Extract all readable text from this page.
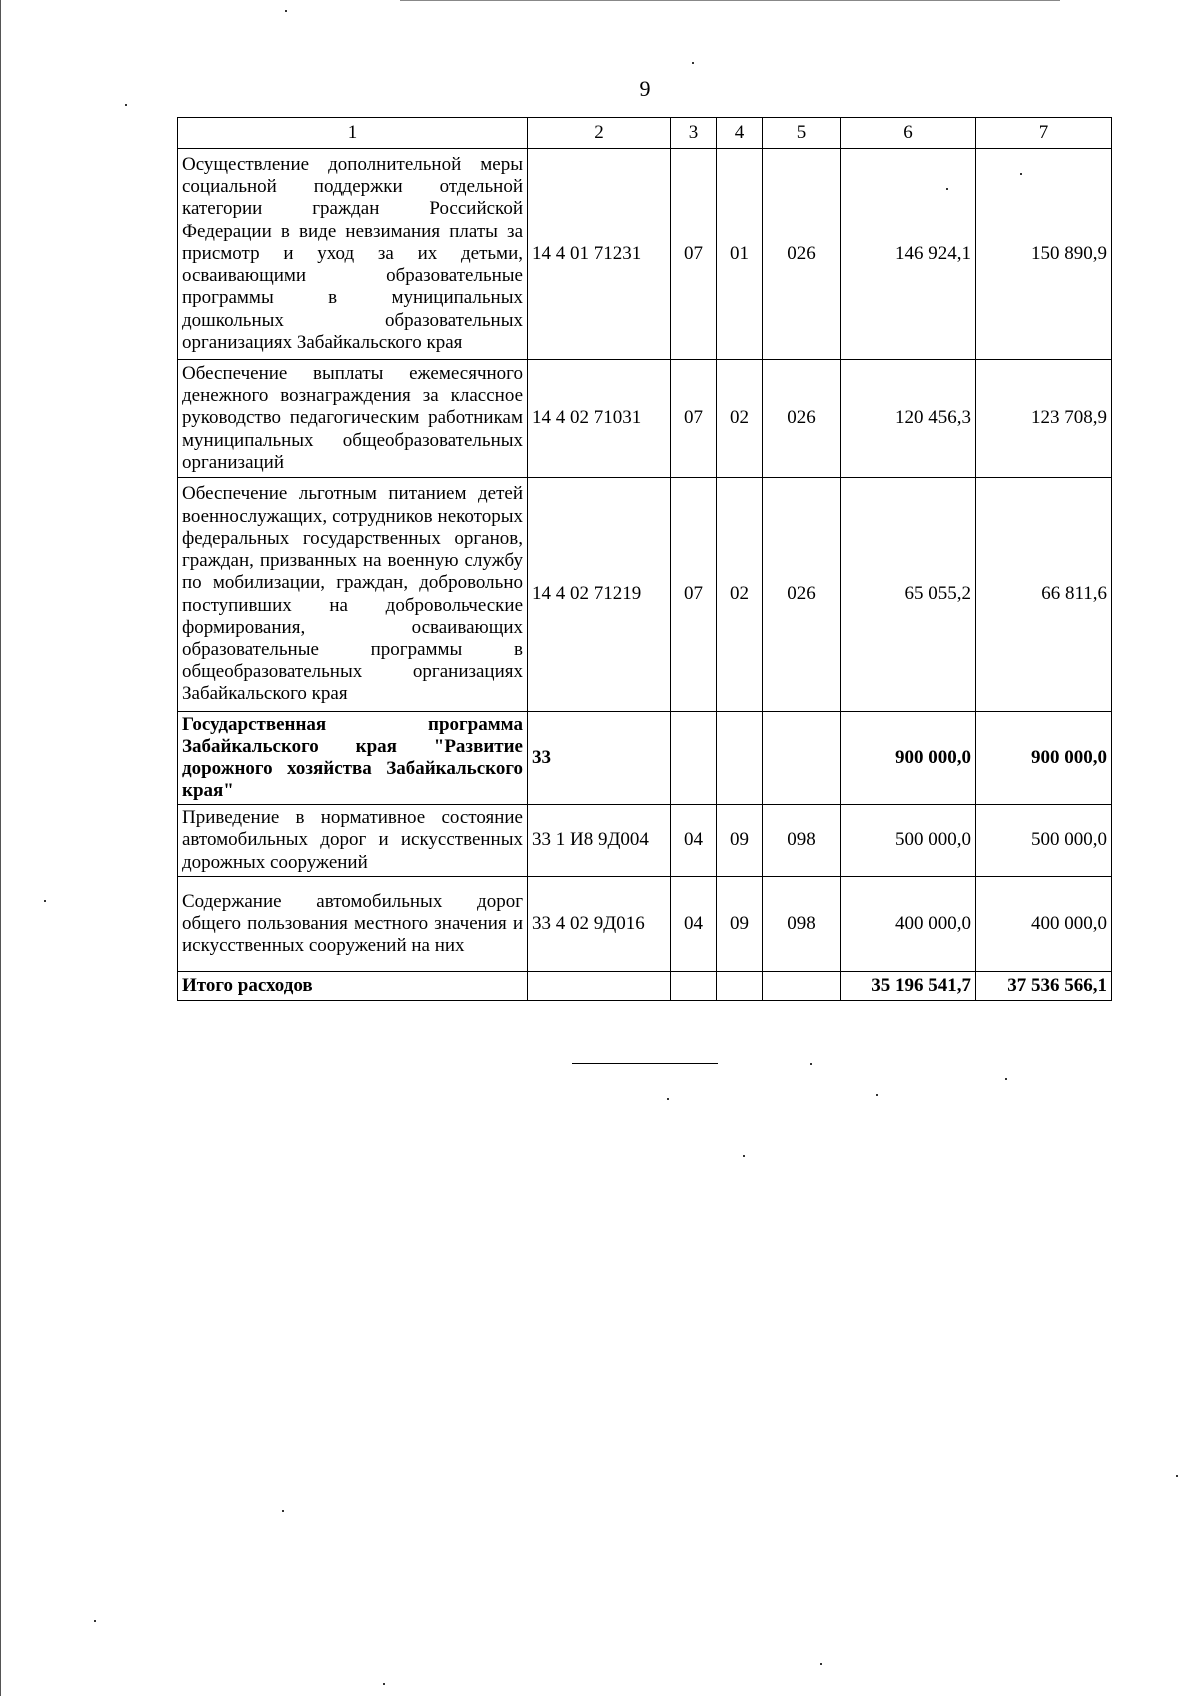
9
1	2	3	4	5	6	7
Осуществление дополнительной меры социальной поддержки отдельной категории граждан Российской Федерации в виде невзимания платы за присмотр и уход за их детьми, осваивающими образовательные программы в муниципальных дошкольных образовательных организациях Забайкальского края	14 4 01 71231	07	01	026	146 924,1	150 890,9
Обеспечение выплаты ежемесячного денежного вознаграждения за классное руководство педагогическим работникам муниципальных общеобразовательных организаций	14 4 02 71031	07	02	026	120 456,3	123 708,9
Обеспечение льготным питанием детей военнослужащих, сотрудников некоторых федеральных государственных органов, граждан, призванных на военную службу по мобилизации, граждан, добровольно поступивших на добровольческие формирования, осваивающих образовательные программы в общеобразовательных организациях Забайкальского края	14 4 02 71219	07	02	026	65 055,2	66 811,6
Государственная программа Забайкальского края "Развитие дорожного хозяйства Забайкальского края"	33				900 000,0	900 000,0
Приведение в нормативное состояние автомобильных дорог и искусственных дорожных сооружений	33 1 И8 9Д004	04	09	098	500 000,0	500 000,0
Содержание автомобильных дорог общего пользования местного значения и искусственных сооружений на них	33 4 02 9Д016	04	09	098	400 000,0	400 000,0
Итого расходов					35 196 541,7	37 536 566,1
